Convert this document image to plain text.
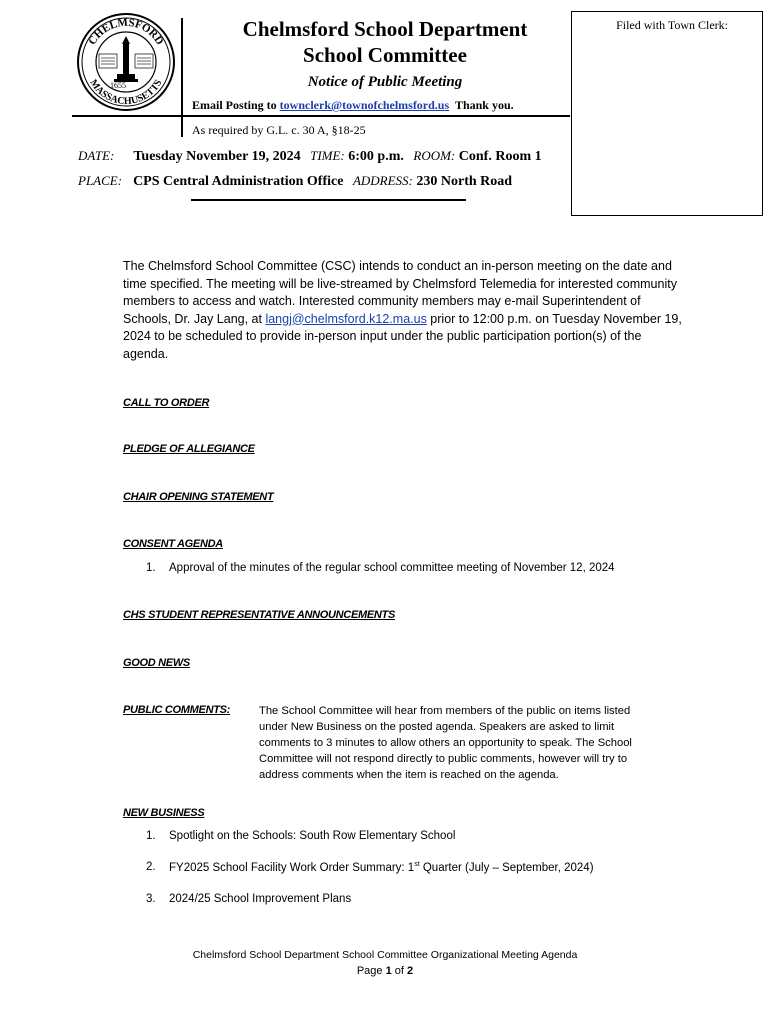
CHELMSFORD
MASSACHUSETTS
1655
Chelmsford School Department
School Committee
Notice of Public Meeting
Email Posting to townclerk@townofchelmsford.us  Thank you.
As required by G.L. c. 30 A, §18-25
DATE: Tuesday November 19, 2024 TIME: 6:00 p.m. ROOM: Conf. Room 1
PLACE: CPS Central Administration Office ADDRESS: 230 North Road
Filed with Town Clerk:
The Chelmsford School Committee (CSC) intends to conduct an in-person meeting on the date and time specified. The meeting will be live-streamed by Chelmsford Telemedia for interested community members to access and watch. Interested community members may e-mail Superintendent of Schools, Dr. Jay Lang, at langj@chelmsford.k12.ma.us prior to 12:00 p.m. on Tuesday November 19, 2024 to be scheduled to provide in-person input under the public participation portion(s) of the agenda.
CALL TO ORDER
PLEDGE OF ALLEGIANCE
CHAIR OPENING STATEMENT
CONSENT AGENDA
1. Approval of the minutes of the regular school committee meeting of November 12, 2024
CHS STUDENT REPRESENTATIVE ANNOUNCEMENTS
GOOD NEWS
PUBLIC COMMENTS:	The School Committee will hear from members of the public on items listed under New Business on the posted agenda. Speakers are asked to limit comments to 3 minutes to allow others an opportunity to speak. The School Committee will not respond directly to public comments, however will try to address comments when the item is reached on the agenda.
NEW BUSINESS
1. Spotlight on the Schools: South Row Elementary School
2. FY2025 School Facility Work Order Summary: 1st Quarter (July – September, 2024)
3. 2024/25 School Improvement Plans
Chelmsford School Department School Committee Organizational Meeting Agenda
Page 1 of 2
